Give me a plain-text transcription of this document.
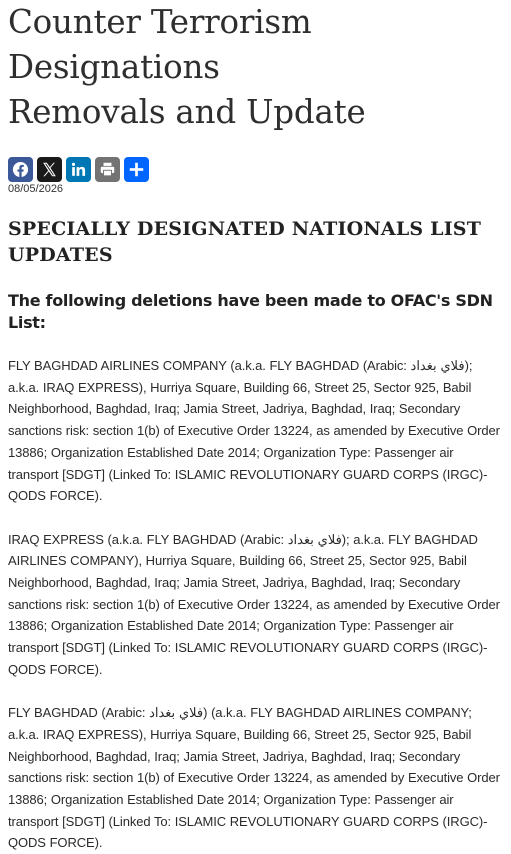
Counter Terrorism Designations
Removals and Update
08/05/2026
SPECIALLY DESIGNATED NATIONALS LIST UPDATES
The following deletions have been made to OFAC's SDN List:

FLY BAGHDAD AIRLINES COMPANY (a.k.a. FLY BAGHDAD (Arabic: فلاي بغداد); a.k.a. IRAQ EXPRESS), Hurriya Square, Building 66, Street 25, Sector 925, Babil Neighborhood, Baghdad, Iraq; Jamia Street, Jadriya, Baghdad, Iraq; Secondary sanctions risk: section 1(b) of Executive Order 13224, as amended by Executive Order 13886; Organization Established Date 2014; Organization Type: Passenger air transport [SDGT] (Linked To: ISLAMIC REVOLUTIONARY GUARD CORPS (IRGC)-QODS FORCE).

IRAQ EXPRESS (a.k.a. FLY BAGHDAD (Arabic: فلاي بغداد); a.k.a. FLY BAGHDAD AIRLINES COMPANY), Hurriya Square, Building 66, Street 25, Sector 925, Babil Neighborhood, Baghdad, Iraq; Jamia Street, Jadriya, Baghdad, Iraq; Secondary sanctions risk: section 1(b) of Executive Order 13224, as amended by Executive Order 13886; Organization Established Date 2014; Organization Type: Passenger air transport [SDGT] (Linked To: ISLAMIC REVOLUTIONARY GUARD CORPS (IRGC)-QODS FORCE).

FLY BAGHDAD (Arabic: فلاي بغداد) (a.k.a. FLY BAGHDAD AIRLINES COMPANY; a.k.a. IRAQ EXPRESS), Hurriya Square, Building 66, Street 25, Sector 925, Babil Neighborhood, Baghdad, Iraq; Jamia Street, Jadriya, Baghdad, Iraq; Secondary sanctions risk: section 1(b) of Executive Order 13224, as amended by Executive Order 13886; Organization Established Date 2014; Organization Type: Passenger air transport [SDGT] (Linked To: ISLAMIC REVOLUTIONARY GUARD CORPS (IRGC)-QODS FORCE).
